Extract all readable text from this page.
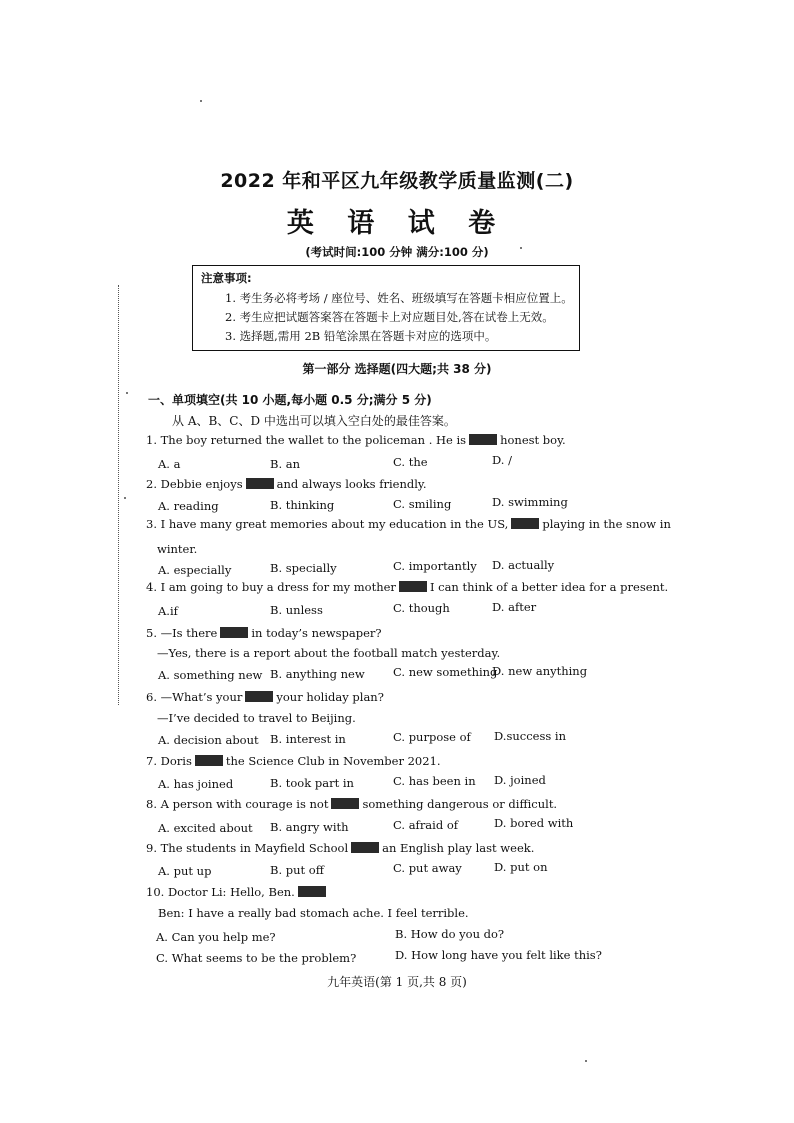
2022 年和平区九年级教学质量监测(二)
英 语 试 卷
(考试时间:100 分钟 满分:100 分)
注意事项:
1. 考生务必将考场 / 座位号、姓名、班级填写在答题卡相应位置上。
2. 考生应把试题答案答在答题卡上对应题目处,答在试卷上无效。
3. 选择题,需用 2B 铅笔涂黑在答题卡对应的选项中。
第一部分 选择题(四大题;共 38 分)
一、单项填空(共 10 小题,每小题 0.5 分;满分 5 分)
从 A、B、C、D 中选出可以填入空白处的最佳答案。
1. The boy returned the wallet to the policeman . He is	honest boy.
A. a	B. an	C. the	D. /
2. Debbie enjoys	and always looks friendly.
A. reading	B. thinking	C. smiling	D. swimming
3. I have many great memories about my education in the US,	playing in the snow in
winter.
A. especially	B. specially	C. importantly D. actually
4. I am going to buy a dress for my mother	I can think of a better idea for a present.
A.if	B. unless	C. though	D. after
5. —Is there	in today’s newspaper?
—Yes, there is a report about the football match yesterday.
A. something new B. anything new C. new something
D. new anything
6. —What’s your	your holiday plan?
—I’ve decided to travel to Beijing.
A. decision about B. interest in	C. purpose of D.success in
7. Doris	the Science Club in November 2021.
A. has joined	B. took part in	C. has been in D. joined
8. A person with courage is not	something dangerous or difficult.
A. excited about B. angry with	C. afraid of	D. bored with
9. The students in Mayfield School	an English play last week.
A. put up	B. put off	C. put away	D. put on
10. Doctor Li: Hello, Ben.
Ben: I have a really bad stomach ache. I feel terrible.
A. Can you help me?	B. How do you do?
C. What seems to be the problem?	D. How long have you felt like this?
九年英语(第 1 页,共 8 页)
